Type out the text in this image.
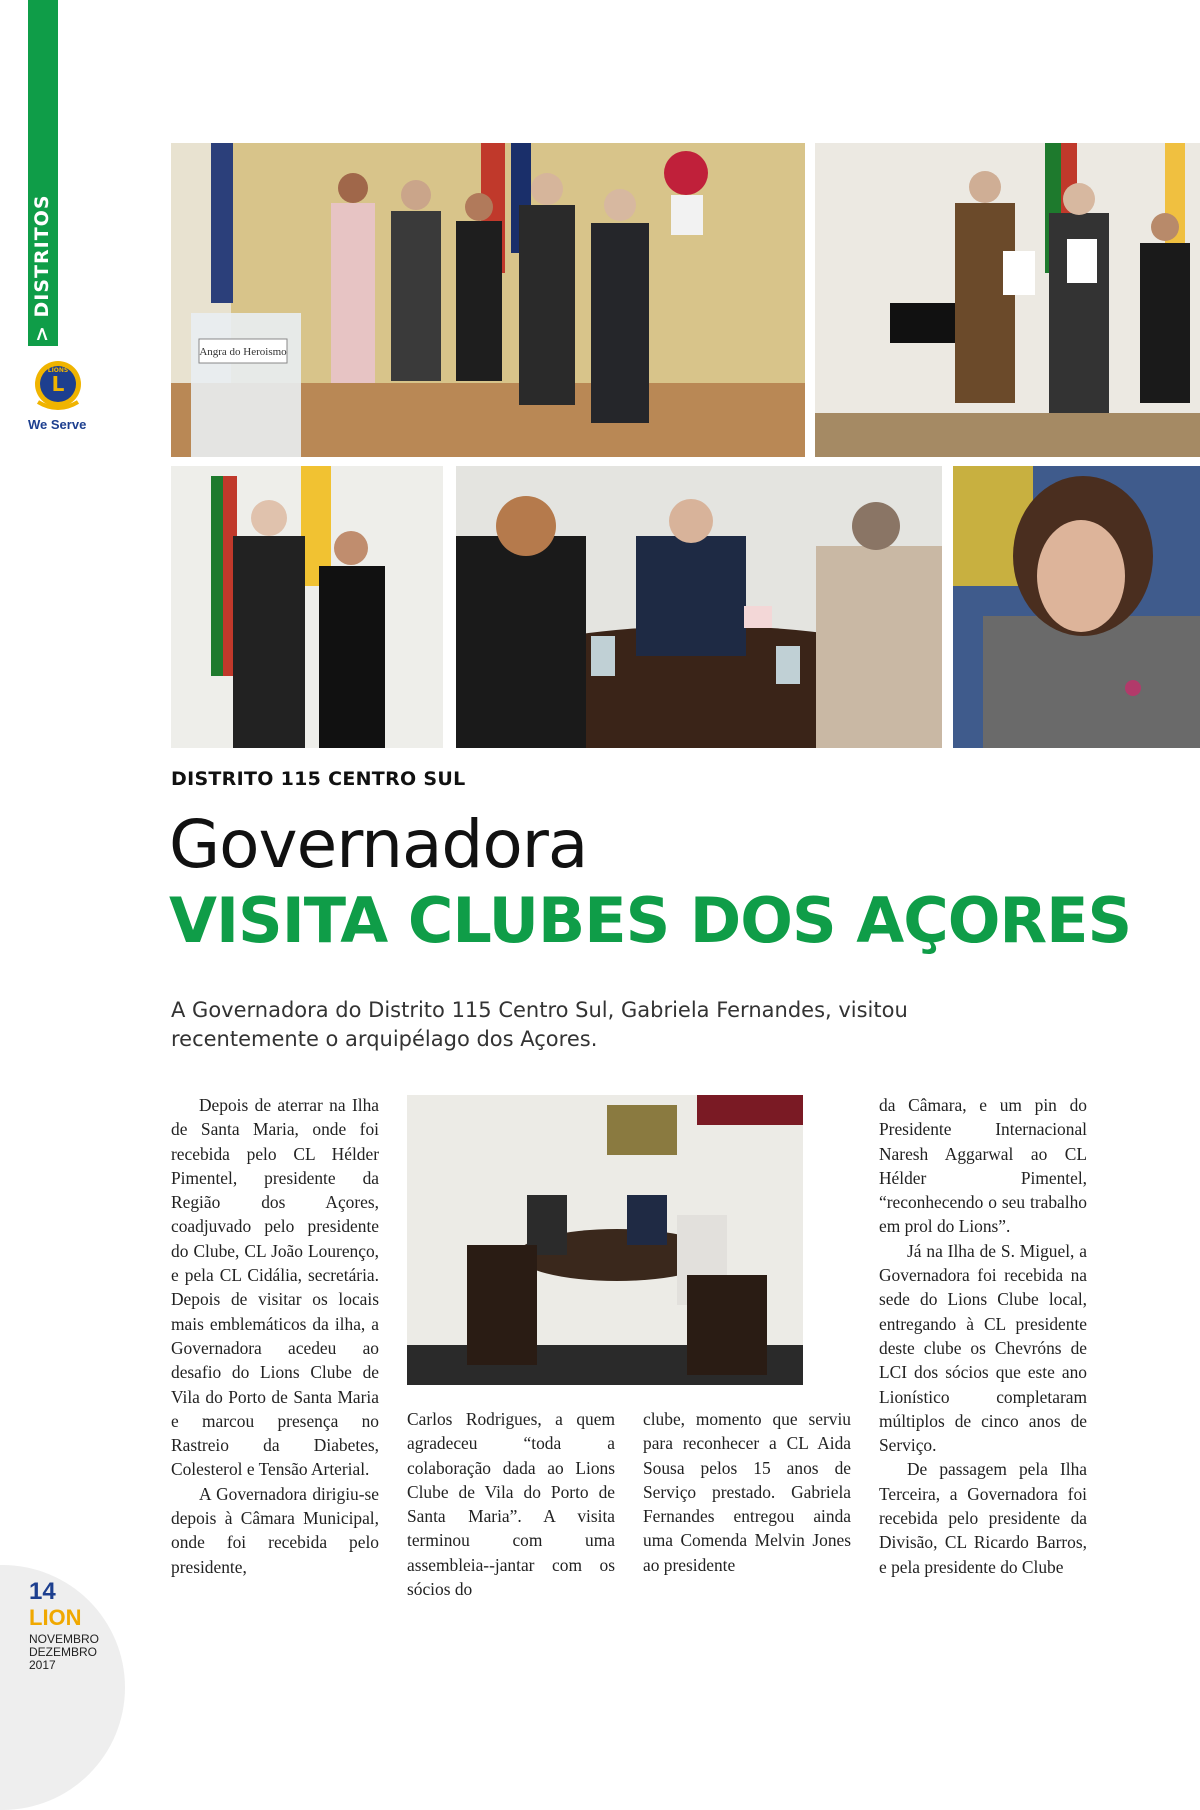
> DISTRITOS
L
LIONS
We Serve
Angra do Heroismo
DISTRITO 115 CENTRO SUL
Governadora
VISITA CLUBES DOS AÇORES
A Governadora do Distrito 115 Centro Sul, Gabriela Fernandes, visitou recentemente o arquipélago dos Açores.

Depois de aterrar na Ilha de Santa Maria, onde foi recebida pelo CL Hélder Pimentel, presidente da Região dos Açores, coadjuvado pelo presidente do Clube, CL João Lourenço, e pela CL Cidália, secretária. Depois de visitar os locais mais emblemáticos da ilha, a Governadora acedeu ao desafio do Lions Clube de Vila do Porto de Santa Maria e marcou presença no Rastreio da Diabetes, Colesterol e Tensão Arterial.

A Governadora dirigiu-se depois à Câmara Municipal, onde foi recebida pelo presidente,

Carlos Rodrigues, a quem agradeceu “toda a colaboração dada ao Lions Clube de Vila do Porto de Santa Maria”. A visita terminou com uma assembleia--jantar com os sócios do

clube, momento que serviu para reconhecer a CL Aida Sousa pelos 15 anos de Serviço prestado. Gabriela Fernandes entregou ainda uma Comenda Melvin Jones ao presidente

da Câmara, e um pin do Presidente Internacional Naresh Aggarwal ao CL Hélder Pimentel, “reconhecendo o seu trabalho em prol do Lions”.

Já na Ilha de S. Miguel, a Governadora foi recebida na sede do Lions Clube local, entregando à CL presidente deste clube os Chevróns de LCI dos sócios que este ano Lionístico completaram múltiplos de cinco anos de Serviço.

De passagem pela Ilha Terceira, a Governadora foi recebida pelo presidente da Divisão, CL Ricardo Barros, e pela presidente do Clube

14
LION
NOVEMBRO
DEZEMBRO
2017
